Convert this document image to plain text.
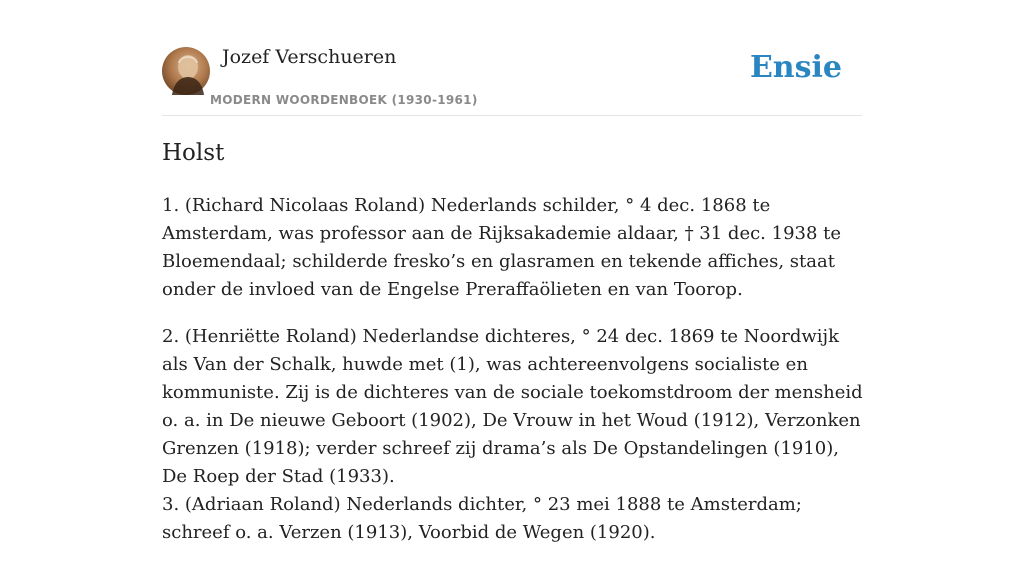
Jozef Verschueren
MODERN WOORDENBOEK (1930-1961)
Ensie
Holst

1. (Richard Nicolaas Roland) Nederlands schilder, ° 4 dec. 1868 te Amsterdam, was professor aan de Rijksakademie aldaar, † 31 dec. 1938 te Bloemendaal; schilderde fresko’s en glasramen en tekende affiches, staat onder de invloed van de Engelse Preraffaölieten en van Toorop.

2. (Henriëtte Roland) Nederlandse dichteres, ° 24 dec. 1869 te Noordwijk als Van der Schalk, huwde met (1), was achtereenvolgens socialiste en kommuniste. Zij is de dichteres van de sociale toekomstdroom der mensheid o. a. in De nieuwe Geboort (1902), De Vrouw in het Woud (1912), Verzonken Grenzen (1918); verder schreef zij drama’s als De Opstandelingen (1910), De Roep der Stad (1933).

3. (Adriaan Roland) Nederlands dichter, ° 23 mei 1888 te Amsterdam; schreef o. a. Verzen (1913), Voorbid de Wegen (1920).
